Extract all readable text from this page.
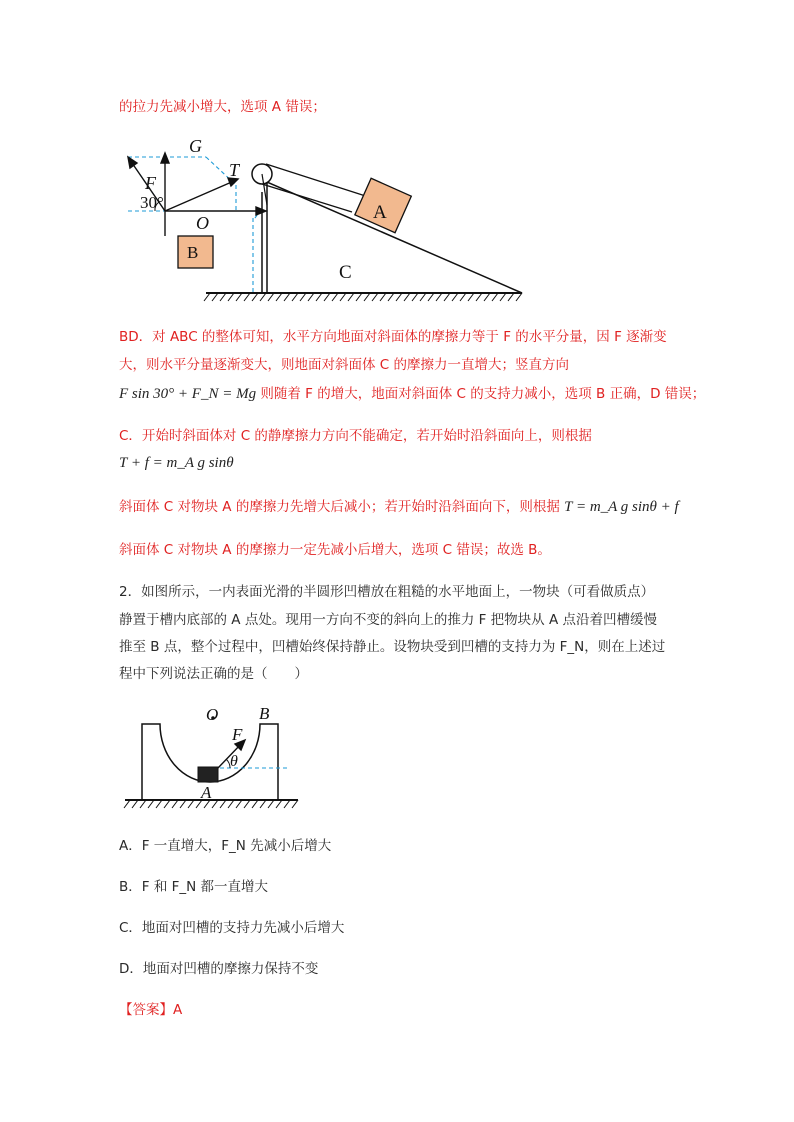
的拉力先减小增大，选项 A 错误；
A
C
B
G
F
T
30°
O
BD．对 ABC 的整体可知，水平方向地面对斜面体的摩擦力等于 F 的水平分量，因 F 逐渐变
大，则水平分量逐渐变大，则地面对斜面体 C 的摩擦力一直增大；竖直方向
F sin 30° + F_N = Mg 则随着 F 的增大，地面对斜面体 C 的支持力减小，选项 B 正确，D 错误；
C．开始时斜面体对 C 的静摩擦力方向不能确定，若开始时沿斜面向上，则根据
T + f = m_A g sinθ
斜面体 C 对物块 A 的摩擦力先增大后减小；若开始时沿斜面向下，则根据 T = m_A g sinθ + f
斜面体 C 对物块 A 的摩擦力一定先减小后增大，选项 C 错误；故选 B。
2．如图所示，一内表面光滑的半圆形凹槽放在粗糙的水平地面上，一物块（可看做质点）
静置于槽内底部的 A 点处。现用一方向不变的斜向上的推力 F 把物块从 A 点沿着凹槽缓慢
推至 B 点，整个过程中，凹槽始终保持静止。设物块受到凹槽的支持力为 F_N，则在上述过
程中下列说法正确的是（　　）
O B
F
θ
A
A．F 一直增大，F_N 先减小后增大
B．F 和 F_N 都一直增大
C．地面对凹槽的支持力先减小后增大
D．地面对凹槽的摩擦力保持不变
【答案】A
